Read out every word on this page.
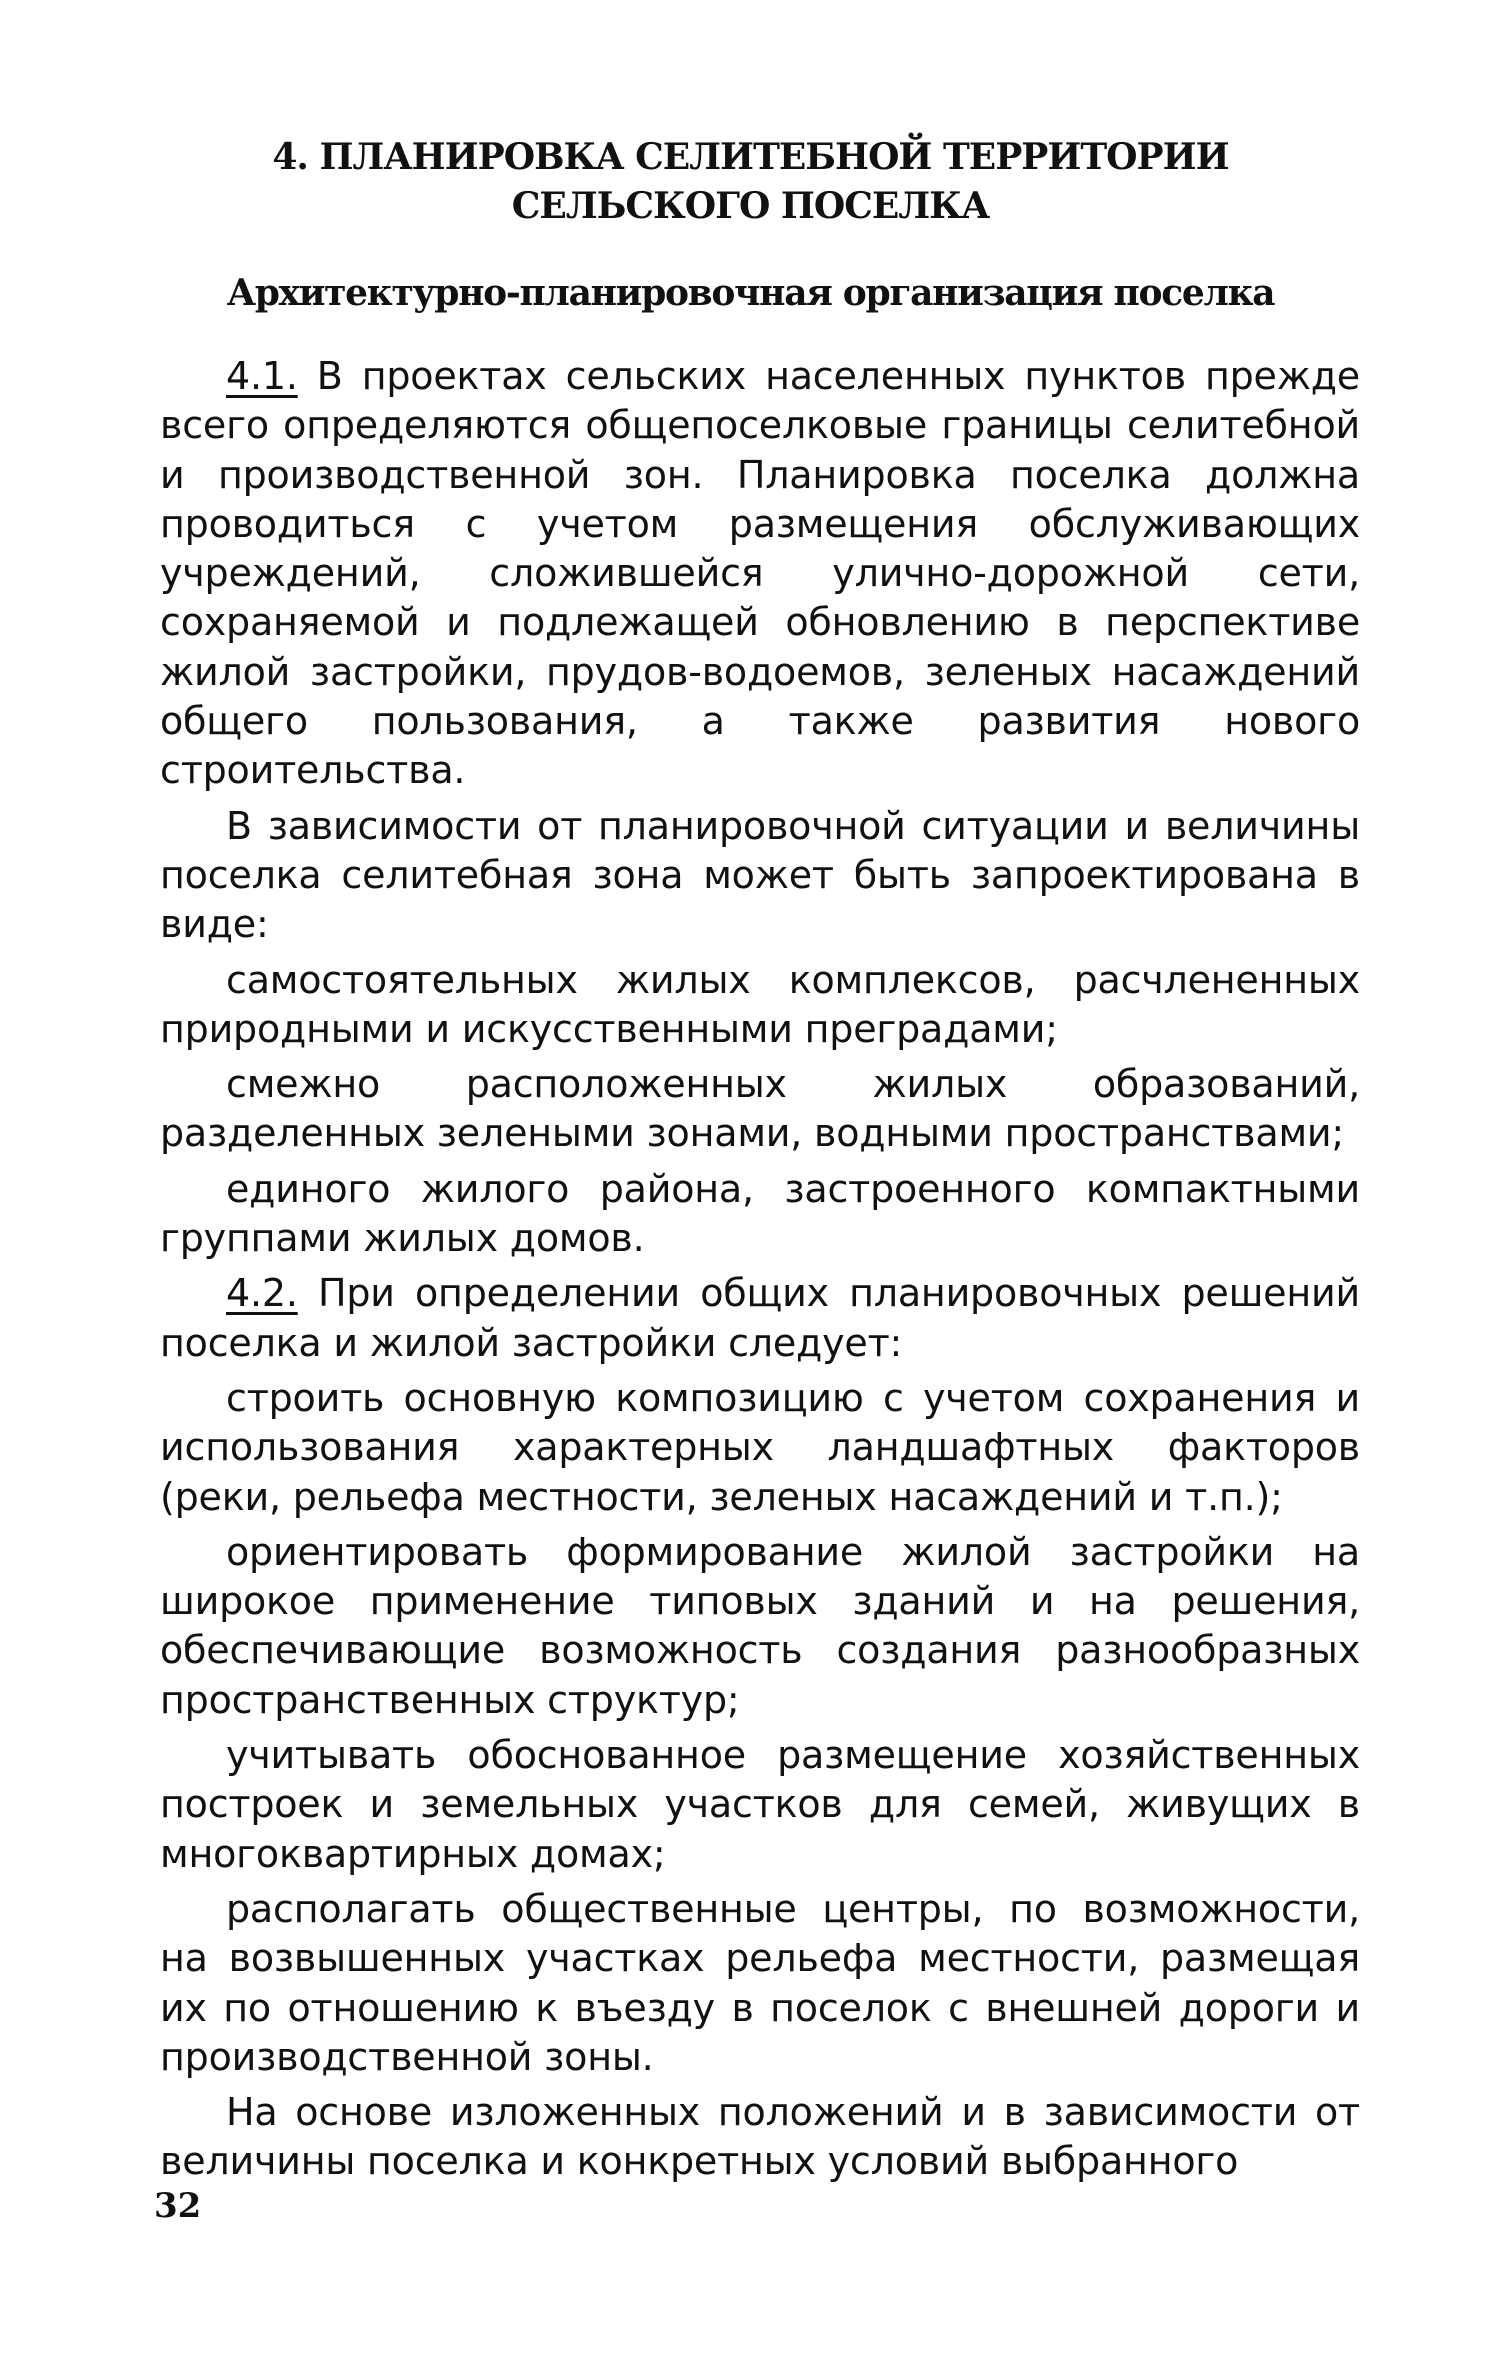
4. ПЛАНИРОВКА СЕЛИТЕБНОЙ ТЕРРИТОРИИ
СЕЛЬСКОГО ПОСЕЛКА
Архитектурно-планировочная организация поселка

4.1. В проектах сельских населенных пунктов прежде всего определяются общепоселковые границы селитебной и производственной зон. Планировка поселка должна проводиться с учетом размещения обслуживающих учреждений, сложившейся улично-дорожной сети, сохраняемой и подлежащей обновлению в перспективе жилой застройки, прудов-водоемов, зеленых насаждений общего пользования, а также развития нового строительства.

В зависимости от планировочной ситуации и величины поселка селитебная зона может быть запроектирована в виде:

самостоятельных жилых комплексов, расчлененных природными и искусственными преградами;

смежно расположенных жилых образований, разделенных зелеными зонами, водными пространствами;

единого жилого района, застроенного компактными группами жилых домов.

4.2. При определении общих планировочных решений поселка и жилой застройки следует:

строить основную композицию с учетом сохранения и использования характерных ландшафтных факторов (реки, рельефа местности, зеленых насаждений и т.п.);

ориентировать формирование жилой застройки на широкое применение типовых зданий и на решения, обеспечивающие возможность создания разнообразных пространственных структур;

учитывать обоснованное размещение хозяйственных построек и земельных участков для семей, живущих в многоквартирных домах;

располагать общественные центры, по возможности, на возвышенных участках рельефа местности, размещая их по отношению к въезду в поселок с внешней дороги и производственной зоны.

На основе изложенных положений и в зависимости от величины поселка и конкретных условий выбранного

32
